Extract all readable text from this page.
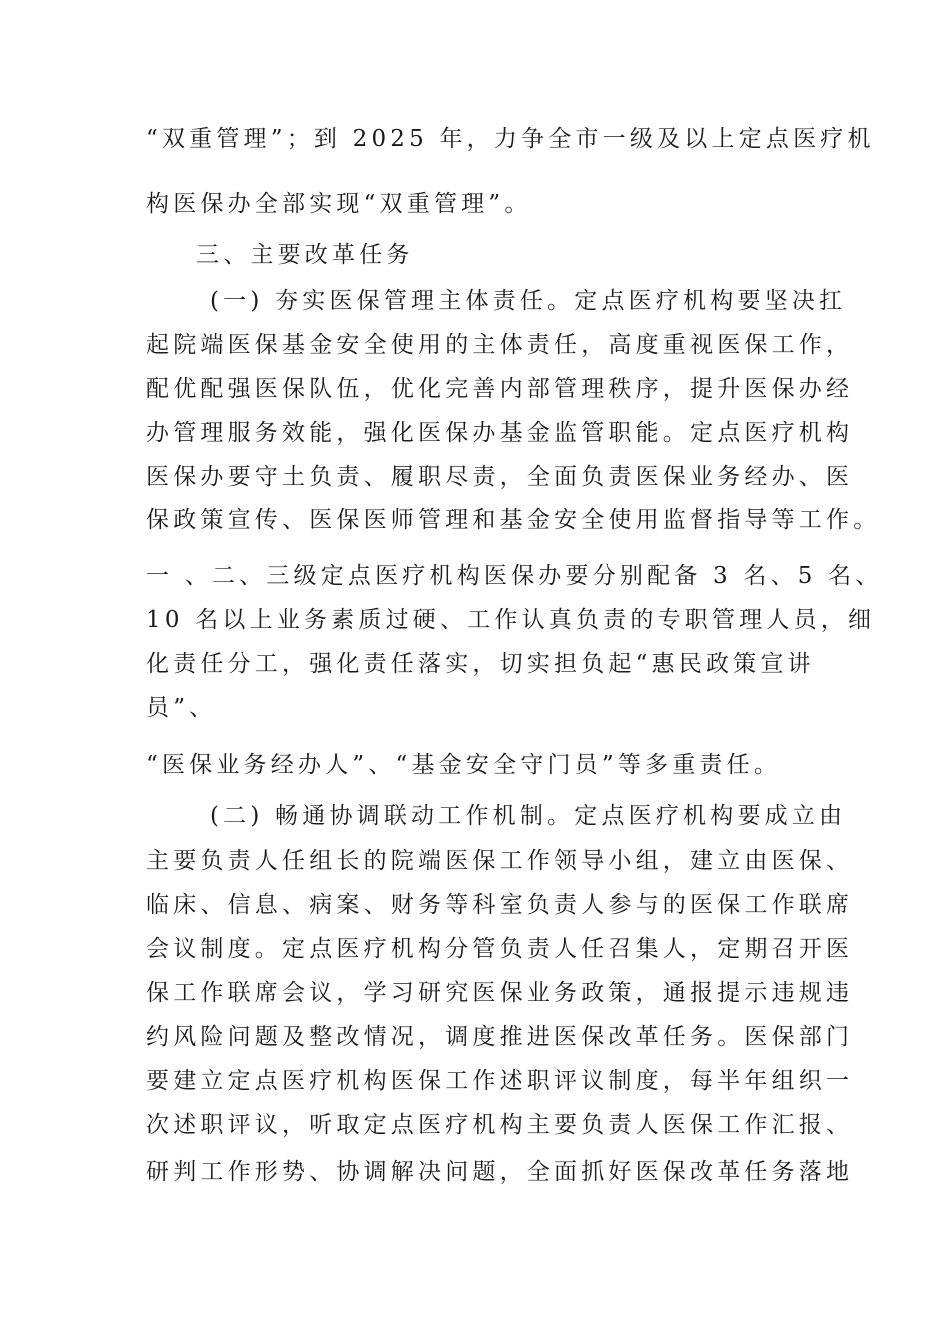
“双重管理”；到 2025 年，力争全市一级及以上定点医疗机
构医保办全部实现“双重管理”。
三、主要改革任务
(一) 夯实医保管理主体责任。定点医疗机构要坚决扛
起院端医保基金安全使用的主体责任，高度重视医保工作，
配优配强医保队伍，优化完善内部管理秩序，提升医保办经
办管理服务效能，强化医保办基金监管职能。定点医疗机构
医保办要守土负责、履职尽责，全面负责医保业务经办、医
保政策宣传、医保医师管理和基金安全使用监督指导等工作。
一 、二、三级定点医疗机构医保办要分别配备 3 名、5 名、
10 名以上业务素质过硬、工作认真负责的专职管理人员，细
化责任分工，强化责任落实，切实担负起“惠民政策宣讲
员”、
“医保业务经办人”、“基金安全守门员”等多重责任。
(二) 畅通协调联动工作机制。定点医疗机构要成立由
主要负责人任组长的院端医保工作领导小组，建立由医保、
临床、信息、病案、财务等科室负责人参与的医保工作联席
会议制度。定点医疗机构分管负责人任召集人，定期召开医
保工作联席会议，学习研究医保业务政策，通报提示违规违
约风险问题及整改情况，调度推进医保改革任务。医保部门
要建立定点医疗机构医保工作述职评议制度，每半年组织一
次述职评议，听取定点医疗机构主要负责人医保工作汇报、
研判工作形势、协调解决问题，全面抓好医保改革任务落地
